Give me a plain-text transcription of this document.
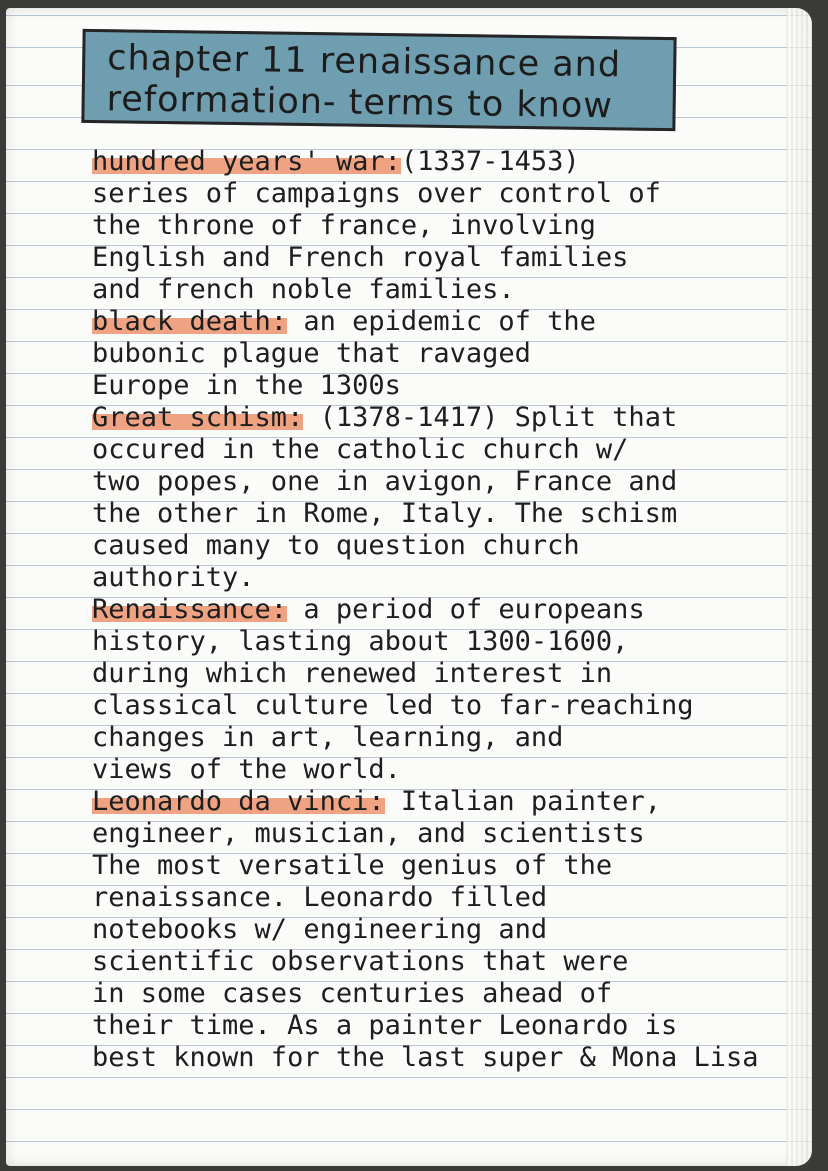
chapter 11 renaissance and
reformation- terms to know
hundred years' war:(1337-1453)
series of campaigns over control of
the throne of france, involving
English and French royal families
and french noble families.
black death: an epidemic of the
bubonic plague that ravaged
Europe in the 1300s
Great schism: (1378-1417) Split that
occured in the catholic church w/
two popes, one in avigon, France and
the other in Rome, Italy. The schism
caused many to question church
authority.
Renaissance: a period of europeans
history, lasting about 1300-1600,
during which renewed interest in
classical culture led to far-reaching
changes in art, learning, and
views of the world.
Leonardo da vinci: Italian painter,
engineer, musician, and scientists
The most versatile genius of the
renaissance. Leonardo filled
notebooks w/ engineering and
scientific observations that were
in some cases centuries ahead of
their time. As a painter Leonardo is
best known for the last super & Mona Lisa
